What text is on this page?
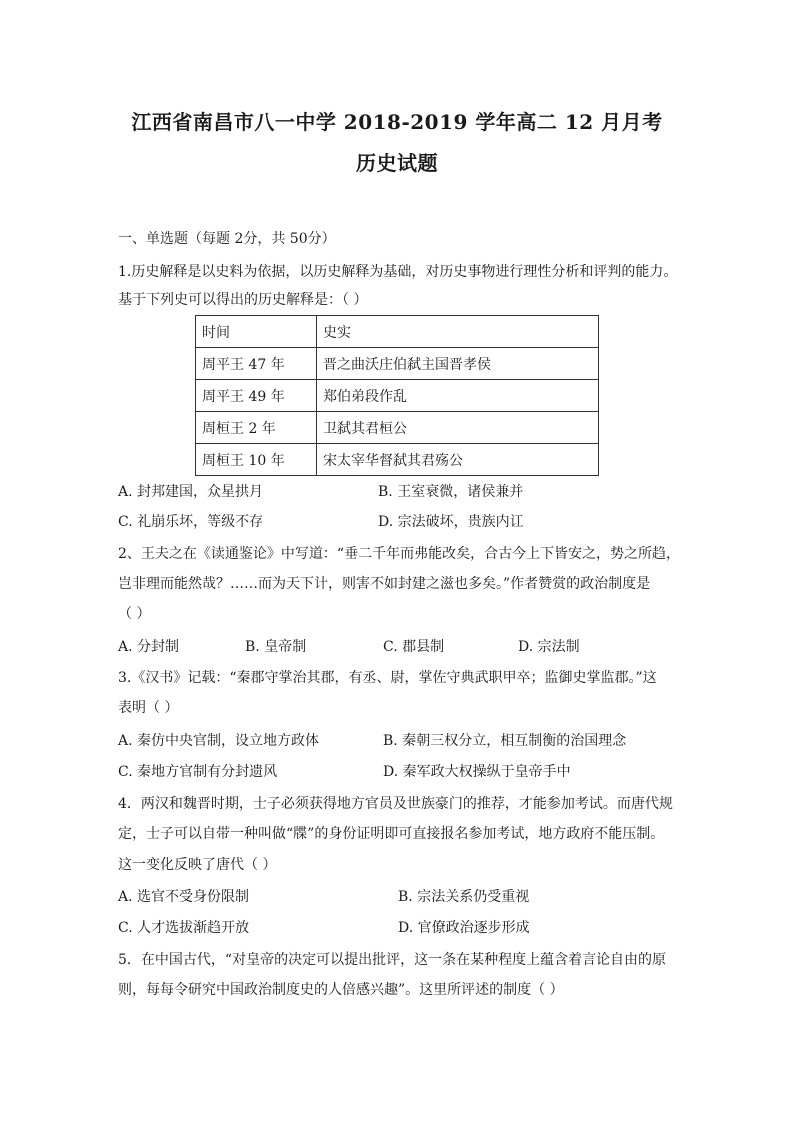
江西省南昌市八一中学 2018-2019 学年高二 12 月月考
历史试题
一、单选题（每题 2分，共 50分）
1.历史解释是以史料为依据，以历史解释为基础，对历史事物进行理性分析和评判的能力。
基于下列史可以得出的历史解释是：（ ）
时间	史实
周平王 47 年	晋之曲沃庄伯弑主国晋孝侯
周平王 49 年	郑伯弟段作乱
周桓王 2 年	卫弑其君桓公
周桓王 10 年	宋太宰华督弑其君殇公
A. 封邦建国，众星拱月	B. 王室衰微，诸侯兼并
C. 礼崩乐坏，等级不存	D. 宗法破坏，贵族内讧
2、王夫之在《读通鉴论》中写道：“垂二千年而弗能改矣，合古今上下皆安之，势之所趋，
岂非理而能然哉？……而为天下计，则害不如封建之滋也多矣。”作者赞赏的政治制度是
（ ）
A. 分封制	B. 皇帝制	C. 郡县制	D. 宗法制
3.《汉书》记载：“秦郡守掌治其郡，有丞、尉，掌佐守典武职甲卒；监御史掌监郡。”这
表明（ ）
A. 秦仿中央官制，设立地方政体	B. 秦朝三权分立，相互制衡的治国理念
C. 秦地方官制有分封遗风	D. 秦军政大权操纵于皇帝手中
4．两汉和魏晋时期，士子必须获得地方官员及世族豪门的推荐，才能参加考试。而唐代规
定，士子可以自带一种叫做“牒”的身份证明即可直接报名参加考试，地方政府不能压制。
这一变化反映了唐代（ ）
A. 选官不受身份限制	B. 宗法关系仍受重视
C. 人才选拔渐趋开放	D. 官僚政治逐步形成
5．在中国古代，“对皇帝的决定可以提出批评，这一条在某种程度上蕴含着言论自由的原
则，每每令研究中国政治制度史的人倍感兴趣”。这里所评述的制度（ ）
